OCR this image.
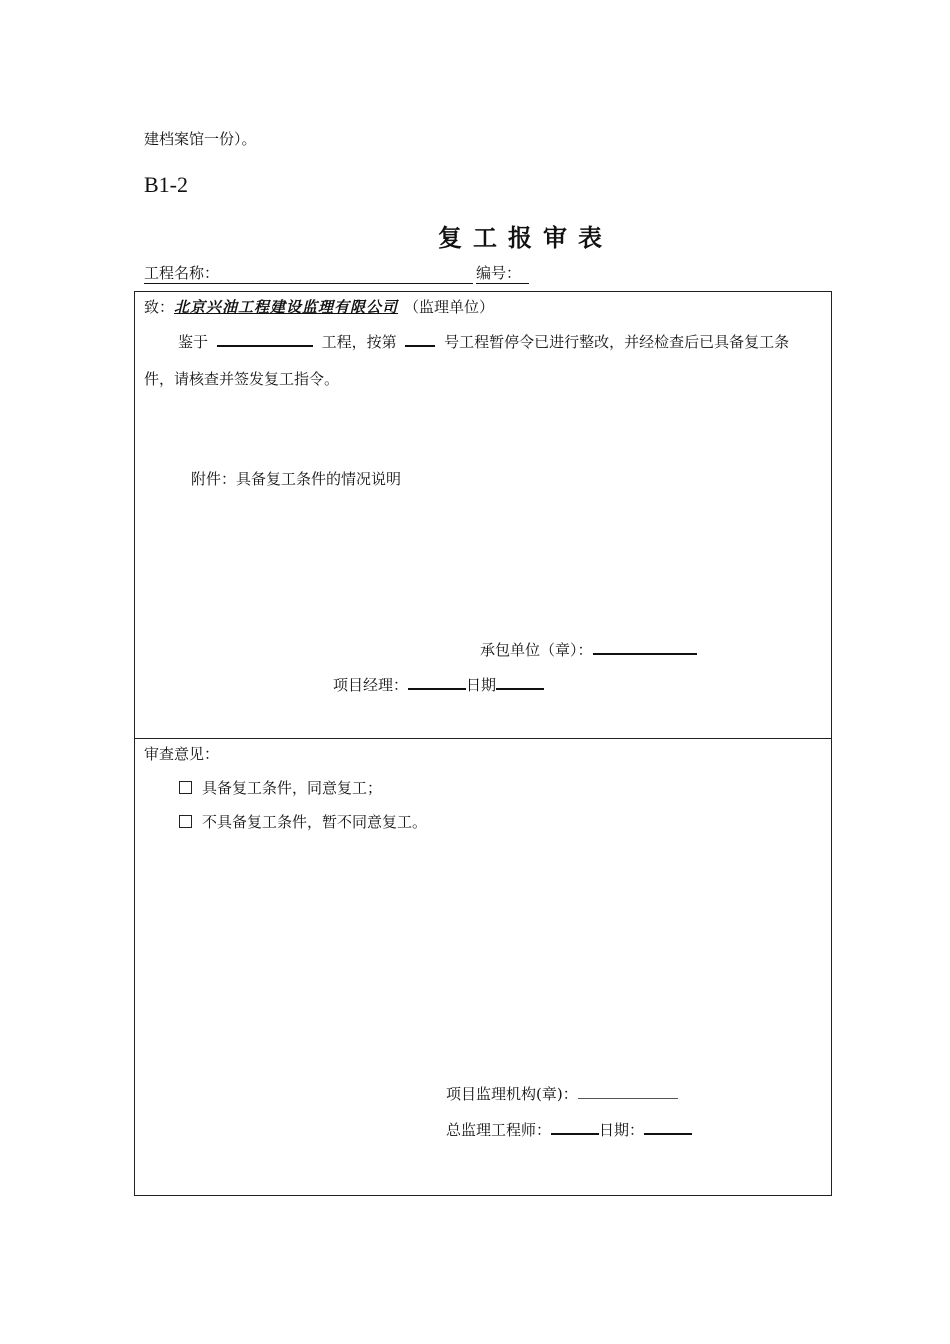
建档案馆一份）。
B1-2
复工报审表
工程名称：	编号：
致：北京兴油工程建设监理有限公司 （监理单位）
鉴于	工程，按第	号工程暂停令已进行整改，并经检查后已具备复工条
件，请核查并签发复工指令。
附件：具备复工条件的情况说明
承包单位（章）：
项目经理：	日期
审查意见：
具备复工条件，同意复工；
不具备复工条件，暂不同意复工。
项目监理机构(章)：
总监理工程师：	日期：
